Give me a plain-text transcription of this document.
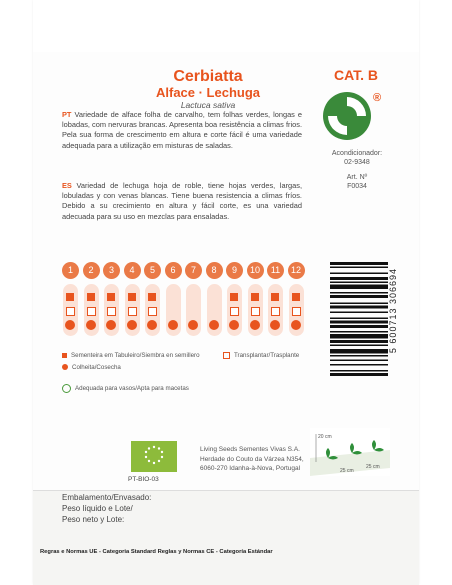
Cerbiatta
Alface · Lechuga
Lactuca sativa
CAT. B
®
Acondicionador:
02-9348
Art. Nº
F0034
PT Variedade de alface folha de carvalho, tem folhas verdes, longas e lobadas, com nervuras brancas. Apresenta boa resistência a climas frios. Pela sua forma de crescimento em altura e corte fácil é uma variedade adequada para a utilização em misturas de saladas.
ES Variedad de lechuga hoja de roble, tiene hojas verdes, largas, lobuladas y con venas blancas. Tiene buena resistencia a climas fríos. Debido a su crecimiento en altura y fácil corte, es una variedad adecuada para su uso en mezclas para ensaladas.
1	2	3	4	5	6	7	8	9	10	11	12
Sementeira em Tabuleiro/Siembra en semillero	Transplantar/Trasplante
Colheita/Cosecha
Adequada para vasos/Apta para macetas
5 600713 306694
PT-BIO-03
Living Seeds Sementes Vivas S.A.
Herdade do Couto da Várzea N354,
6060-270 Idanha-à-Nova, Portugal
20 cm
25 cm
25 cm
Embalamento/Envasado:
Peso líquido e Lote/
Peso neto y Lote:
Regras e Normas UE - Categoria Standard Reglas y Normas CE - Categoría Estándar
